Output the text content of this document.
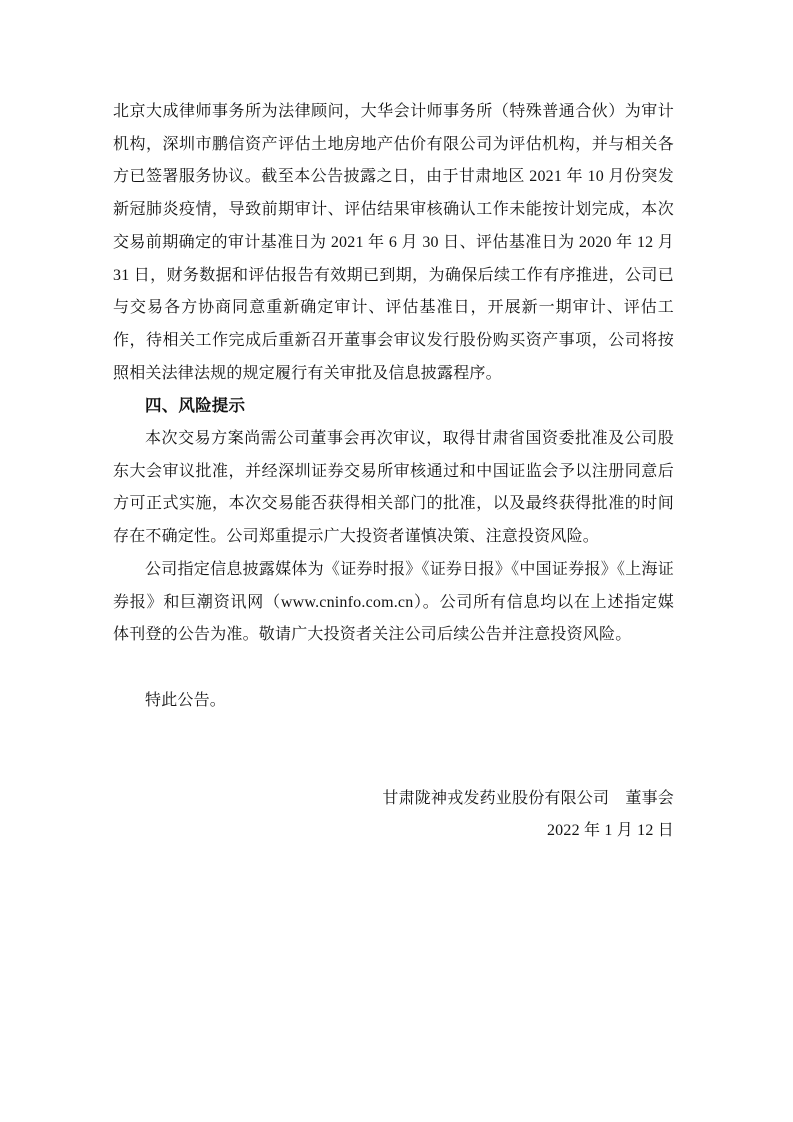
北京大成律师事务所为法律顾问，大华会计师事务所（特殊普通合伙）为审计机构，深圳市鹏信资产评估土地房地产估价有限公司为评估机构，并与相关各方已签署服务协议。截至本公告披露之日，由于甘肃地区 2021 年 10 月份突发新冠肺炎疫情，导致前期审计、评估结果审核确认工作未能按计划完成，本次交易前期确定的审计基准日为 2021 年 6 月 30 日、评估基准日为 2020 年 12 月 31 日，财务数据和评估报告有效期已到期，为确保后续工作有序推进，公司已与交易各方协商同意重新确定审计、评估基准日，开展新一期审计、评估工作，待相关工作完成后重新召开董事会审议发行股份购买资产事项，公司将按照相关法律法规的规定履行有关审批及信息披露程序。

四、风险提示

本次交易方案尚需公司董事会再次审议，取得甘肃省国资委批准及公司股东大会审议批准，并经深圳证券交易所审核通过和中国证监会予以注册同意后方可正式实施，本次交易能否获得相关部门的批准，以及最终获得批准的时间存在不确定性。公司郑重提示广大投资者谨慎决策、注意投资风险。

公司指定信息披露媒体为《证券时报》《证券日报》《中国证券报》《上海证券报》和巨潮资讯网（www.cninfo.com.cn）。公司所有信息均以在上述指定媒体刊登的公告为准。敬请广大投资者关注公司后续公告并注意投资风险。

特此公告。

甘肃陇神戎发药业股份有限公司　董事会

2022 年 1 月 12 日
